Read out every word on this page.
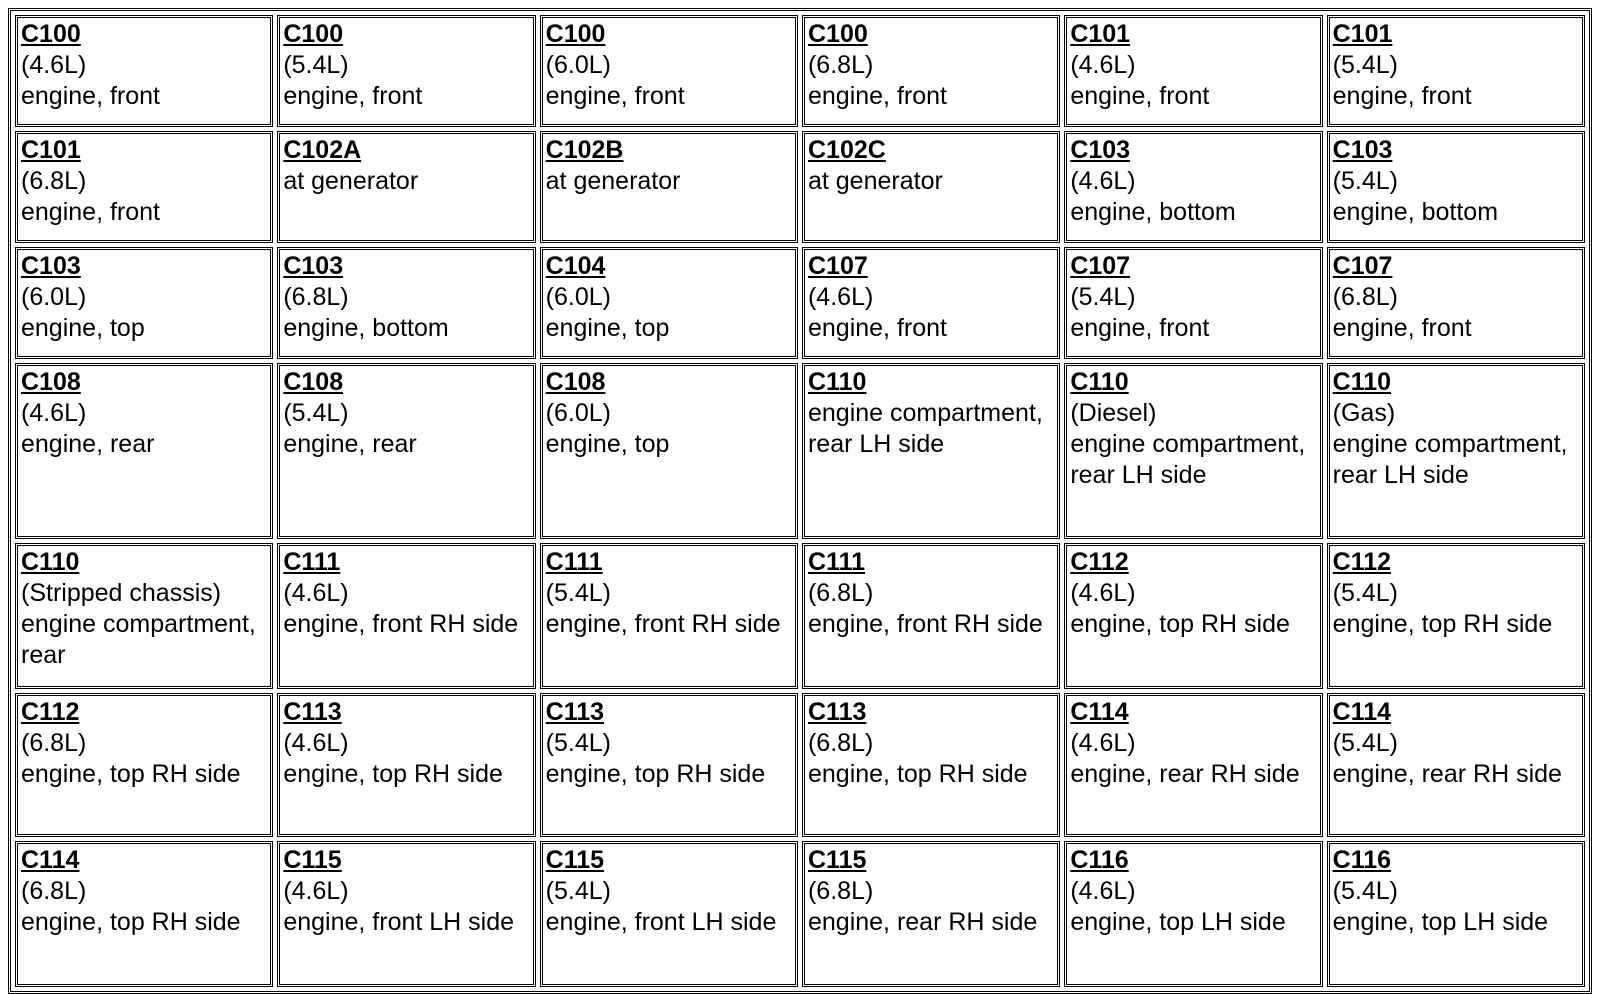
C100
(4.6L)
engine, front	C100
(5.4L)
engine, front	C100
(6.0L)
engine, front	C100
(6.8L)
engine, front	C101
(4.6L)
engine, front	C101
(5.4L)
engine, front

C101
(6.8L)
engine, front	C102A
at generator	C102B
at generator	C102C
at generator	C103
(4.6L)
engine, bottom	C103
(5.4L)
engine, bottom

C103
(6.0L)
engine, top	C103
(6.8L)
engine, bottom	C104
(6.0L)
engine, top	C107
(4.6L)
engine, front	C107
(5.4L)
engine, front	C107
(6.8L)
engine, front

C108
(4.6L)
engine, rear	C108
(5.4L)
engine, rear	C108
(6.0L)
engine, top	C110
engine compartment, rear LH side	C110
(Diesel)
engine compartment, rear LH side	C110
(Gas)
engine compartment, rear LH side

C110
(Stripped chassis)
engine compartment, rear	C111
(4.6L)
engine, front RH side	C111
(5.4L)
engine, front RH side	C111
(6.8L)
engine, front RH side	C112
(4.6L)
engine, top RH side	C112
(5.4L)
engine, top RH side

C112
(6.8L)
engine, top RH side	C113
(4.6L)
engine, top RH side	C113
(5.4L)
engine, top RH side	C113
(6.8L)
engine, top RH side	C114
(4.6L)
engine, rear RH side	C114
(5.4L)
engine, rear RH side

C114
(6.8L)
engine, top RH side	C115
(4.6L)
engine, front LH side	C115
(5.4L)
engine, front LH side	C115
(6.8L)
engine, rear RH side	C116
(4.6L)
engine, top LH side	C116
(5.4L)
engine, top LH side
